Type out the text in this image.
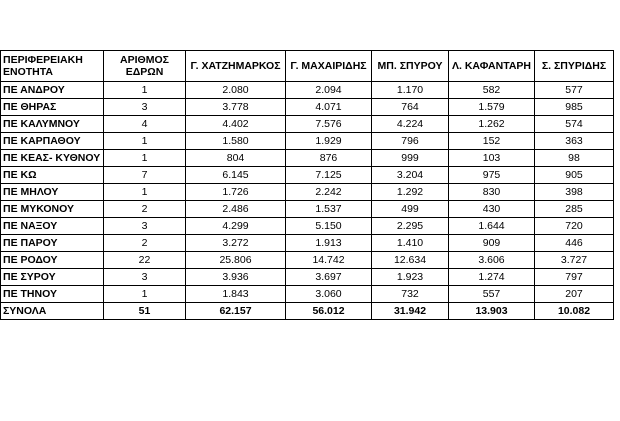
ΠΕΡΙΦΕΡΕΙΑΚΗ ΕΝΟΤΗΤΑ	ΑΡΙΘΜΟΣ ΕΔΡΩΝ	Γ. ΧΑΤΖΗΜΑΡΚΟΣ	Γ. ΜΑΧΑΙΡΙΔΗΣ	ΜΠ. ΣΠΥΡΟΥ	Λ. ΚΑΦΑΝΤΑΡΗ	Σ. ΣΠΥΡΙΔΗΣ
ΠΕ ΑΝΔΡΟΥ	1	2.080	2.094	1.170	582	577
ΠΕ ΘΗΡΑΣ	3	3.778	4.071	764	1.579	985
ΠΕ ΚΑΛΥΜΝΟΥ	4	4.402	7.576	4.224	1.262	574
ΠΕ ΚΑΡΠΑΘΟΥ	1	1.580	1.929	796	152	363
ΠΕ ΚΕΑΣ- ΚΥΘΝΟΥ	1	804	876	999	103	98
ΠΕ ΚΩ	7	6.145	7.125	3.204	975	905
ΠΕ ΜΗΛΟΥ	1	1.726	2.242	1.292	830	398
ΠΕ ΜΥΚΟΝΟΥ	2	2.486	1.537	499	430	285
ΠΕ ΝΑΞΟΥ	3	4.299	5.150	2.295	1.644	720
ΠΕ ΠΑΡΟΥ	2	3.272	1.913	1.410	909	446
ΠΕ ΡΟΔΟΥ	22	25.806	14.742	12.634	3.606	3.727
ΠΕ ΣΥΡΟΥ	3	3.936	3.697	1.923	1.274	797
ΠΕ ΤΗΝΟΥ	1	1.843	3.060	732	557	207
ΣΥΝΟΛΑ	51	62.157	56.012	31.942	13.903	10.082
